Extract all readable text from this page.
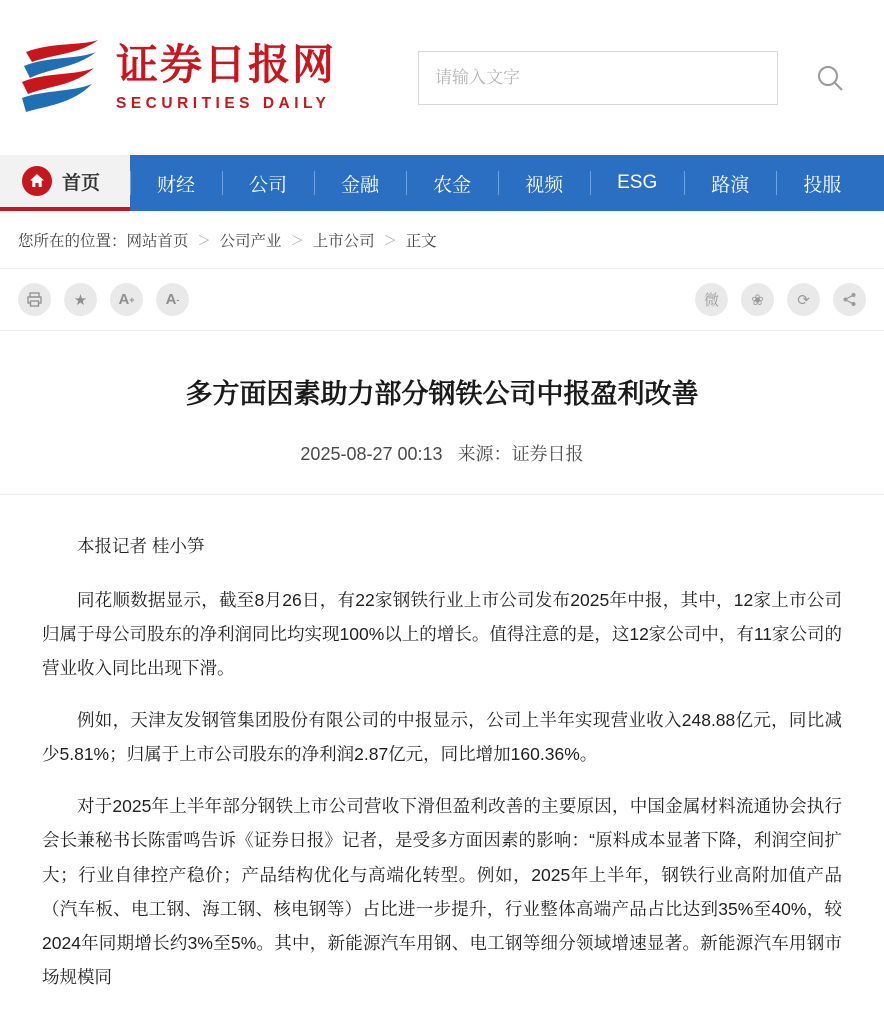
证券日报网
SECURITIES DAILY
请输入文字
首页	财经	公司	金融	农金	视频	ESG	路演	投服
您所在的位置： 网站首页 ＞ 公司产业 ＞ 上市公司 ＞ 正文
★ A + A -	微 ❀ ⟳
多方面因素助力部分钢铁公司中报盈利改善
2025-08-27 00:13 来源：证券日报

本报记者 桂小笋

同花顺数据显示，截至8月26日，有22家钢铁行业上市公司发布2025年中报，其中，12家上市公司归属于母公司股东的净利润同比均实现100%以上的增长。值得注意的是，这12家公司中，有11家公司的营业收入同比出现下滑。

例如，天津友发钢管集团股份有限公司的中报显示，公司上半年实现营业收入248.88亿元，同比减少5.81%；归属于上市公司股东的净利润2.87亿元，同比增加160.36%。

对于2025年上半年部分钢铁上市公司营收下滑但盈利改善的主要原因，中国金属材料流通协会执行会长兼秘书长陈雷鸣告诉《证券日报》记者，是受多方面因素的影响：“原料成本显著下降，利润空间扩大；行业自律控产稳价；产品结构优化与高端化转型。例如，2025年上半年，钢铁行业高附加值产品（汽车板、电工钢、海工钢、核电钢等）占比进一步提升，行业整体高端产品占比达到35%至40%，较2024年同期增长约3%至5%。其中，新能源汽车用钢、电工钢等细分领域增速显著。新能源汽车用钢市场规模同
